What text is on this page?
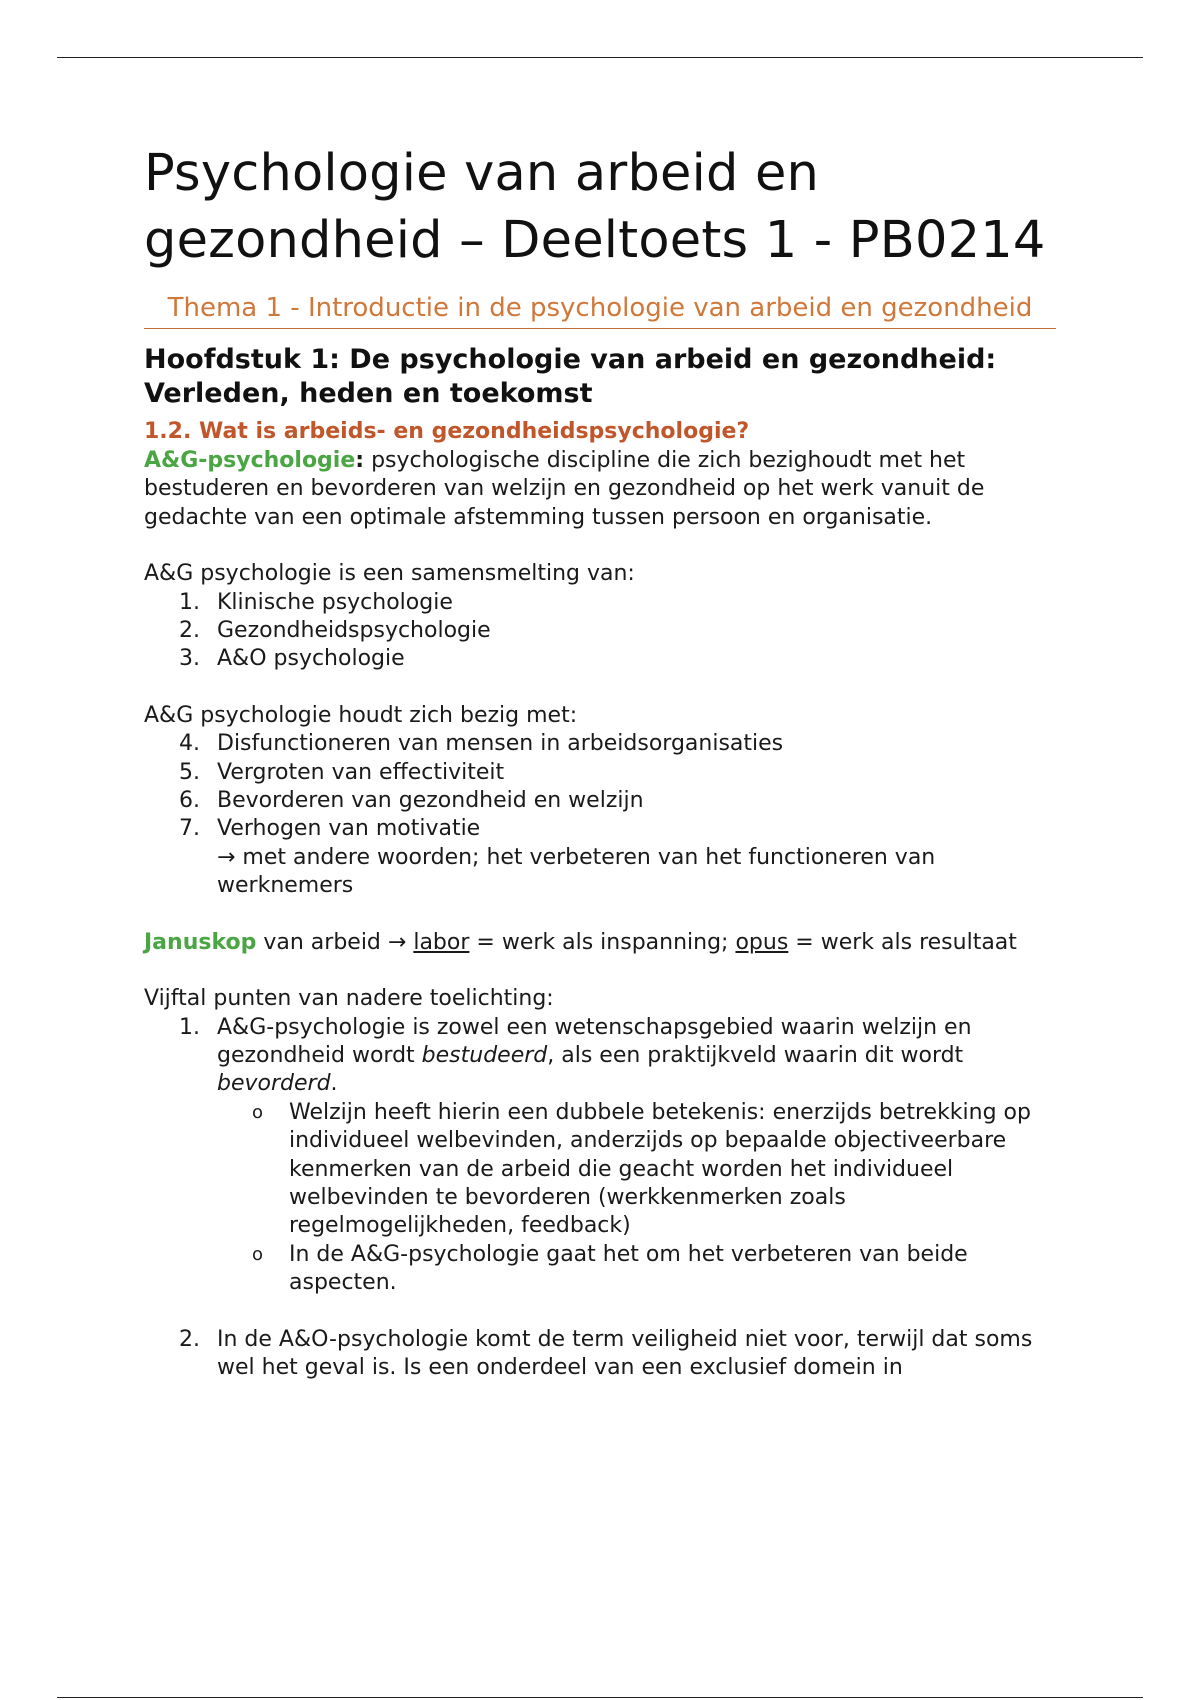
Psychologie van arbeid en gezondheid – Deeltoets 1 - PB0214
Thema 1 - Introductie in de psychologie van arbeid en gezondheid
Hoofdstuk 1: De psychologie van arbeid en gezondheid: Verleden, heden en toekomst
1.2. Wat is arbeids- en gezondheidspsychologie?

A&G-psychologie: psychologische discipline die zich bezighoudt met het bestuderen en bevorderen van welzijn en gezondheid op het werk vanuit de gedachte van een optimale afstemming tussen persoon en organisatie.

A&G psychologie is een samensmelting van:

1. Klinische psychologie
2. Gezondheidspsychologie
3. A&O psychologie

A&G psychologie houdt zich bezig met:

4. Disfunctioneren van mensen in arbeidsorganisaties
5. Vergroten van effectiviteit
6. Bevorderen van gezondheid en welzijn
7. Verhogen van motivatie
→ met andere woorden; het verbeteren van het functioneren van werknemers

Januskop van arbeid → labor = werk als inspanning; opus = werk als resultaat

Vijftal punten van nadere toelichting:

1. A&G-psychologie is zowel een wetenschapsgebied waarin welzijn en gezondheid wordt bestudeerd, als een praktijkveld waarin dit wordt bevorderd.
o Welzijn heeft hierin een dubbele betekenis: enerzijds betrekking op individueel welbevinden, anderzijds op bepaalde objectiveerbare kenmerken van de arbeid die geacht worden het individueel welbevinden te bevorderen (werkkenmerken zoals regelmogelijkheden, feedback)
o In de A&G-psychologie gaat het om het verbeteren van beide aspecten.
2. In de A&O-psychologie komt de term veiligheid niet voor, terwijl dat soms wel het geval is. Is een onderdeel van een exclusief domein in
